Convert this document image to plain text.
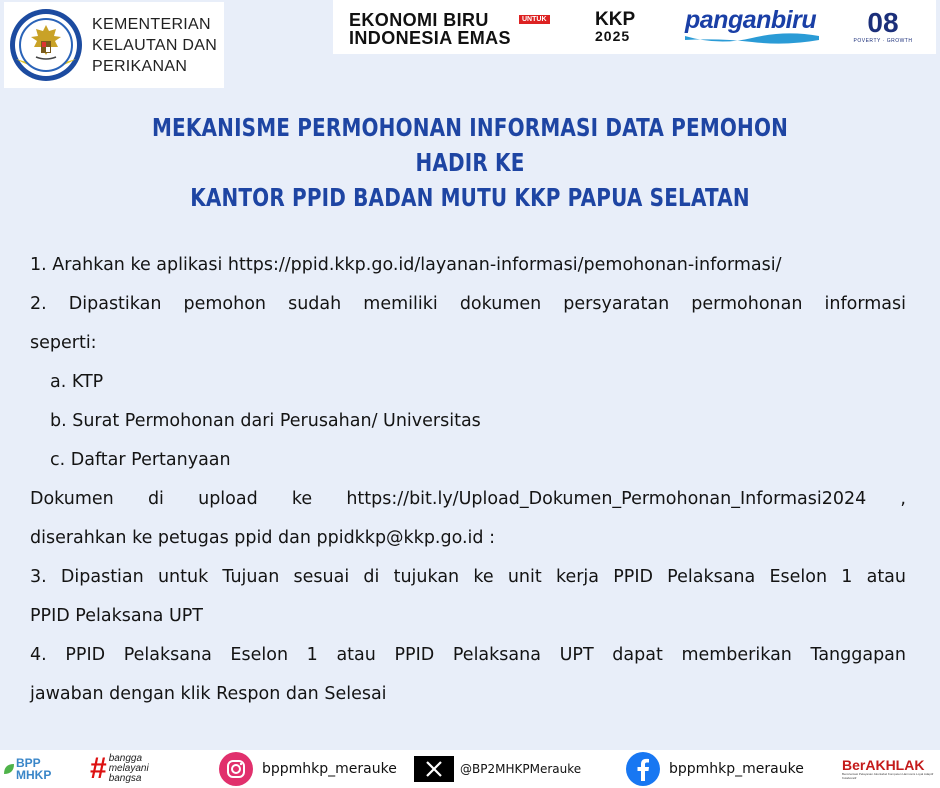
KEMENTERIAN
KELAUTAN DAN
PERIKANAN
EKONOMI BIRU	UNTUK
INDONESIA EMAS
KKP
2025
panganbiru	08
POVERTY · GROWTH
MEKANISME PERMOHONAN INFORMASI DATA PEMOHON HADIR KE
KANTOR PPID BADAN MUTU KKP PAPUA SELATAN

1. Arahkan ke aplikasi https://ppid.kkp.go.id/layanan-informasi/pemohonan-informasi/

2. Dipastikan pemohon sudah memiliki dokumen persyaratan permohonan informasi

seperti:

a. KTP

b. Surat Permohonan dari Perusahan/ Universitas

c. Daftar Pertanyaan

Dokumen di upload ke https://bit.ly/Upload_Dokumen_Permohonan_Informasi2024 ,

diserahkan ke petugas ppid dan ppidkkp@kkp.go.id :

3. Dipastian untuk Tujuan sesuai di tujukan ke unit kerja PPID Pelaksana Eselon 1 atau

PPID Pelaksana UPT

4. PPID Pelaksana Eselon 1 atau PPID Pelaksana UPT dapat memberikan Tanggapan

jawaban dengan klik Respon dan Selesai

BPP
MHKP # bangga
melayani
bangsa
bppmhkp_merauke	@BP2MHKPMerauke	bppmhkp_merauke	BerAKHLAK
Berorientasi Pelayanan Akuntabel Kompeten Harmonis Loyal Adaptif Kolaboratif
